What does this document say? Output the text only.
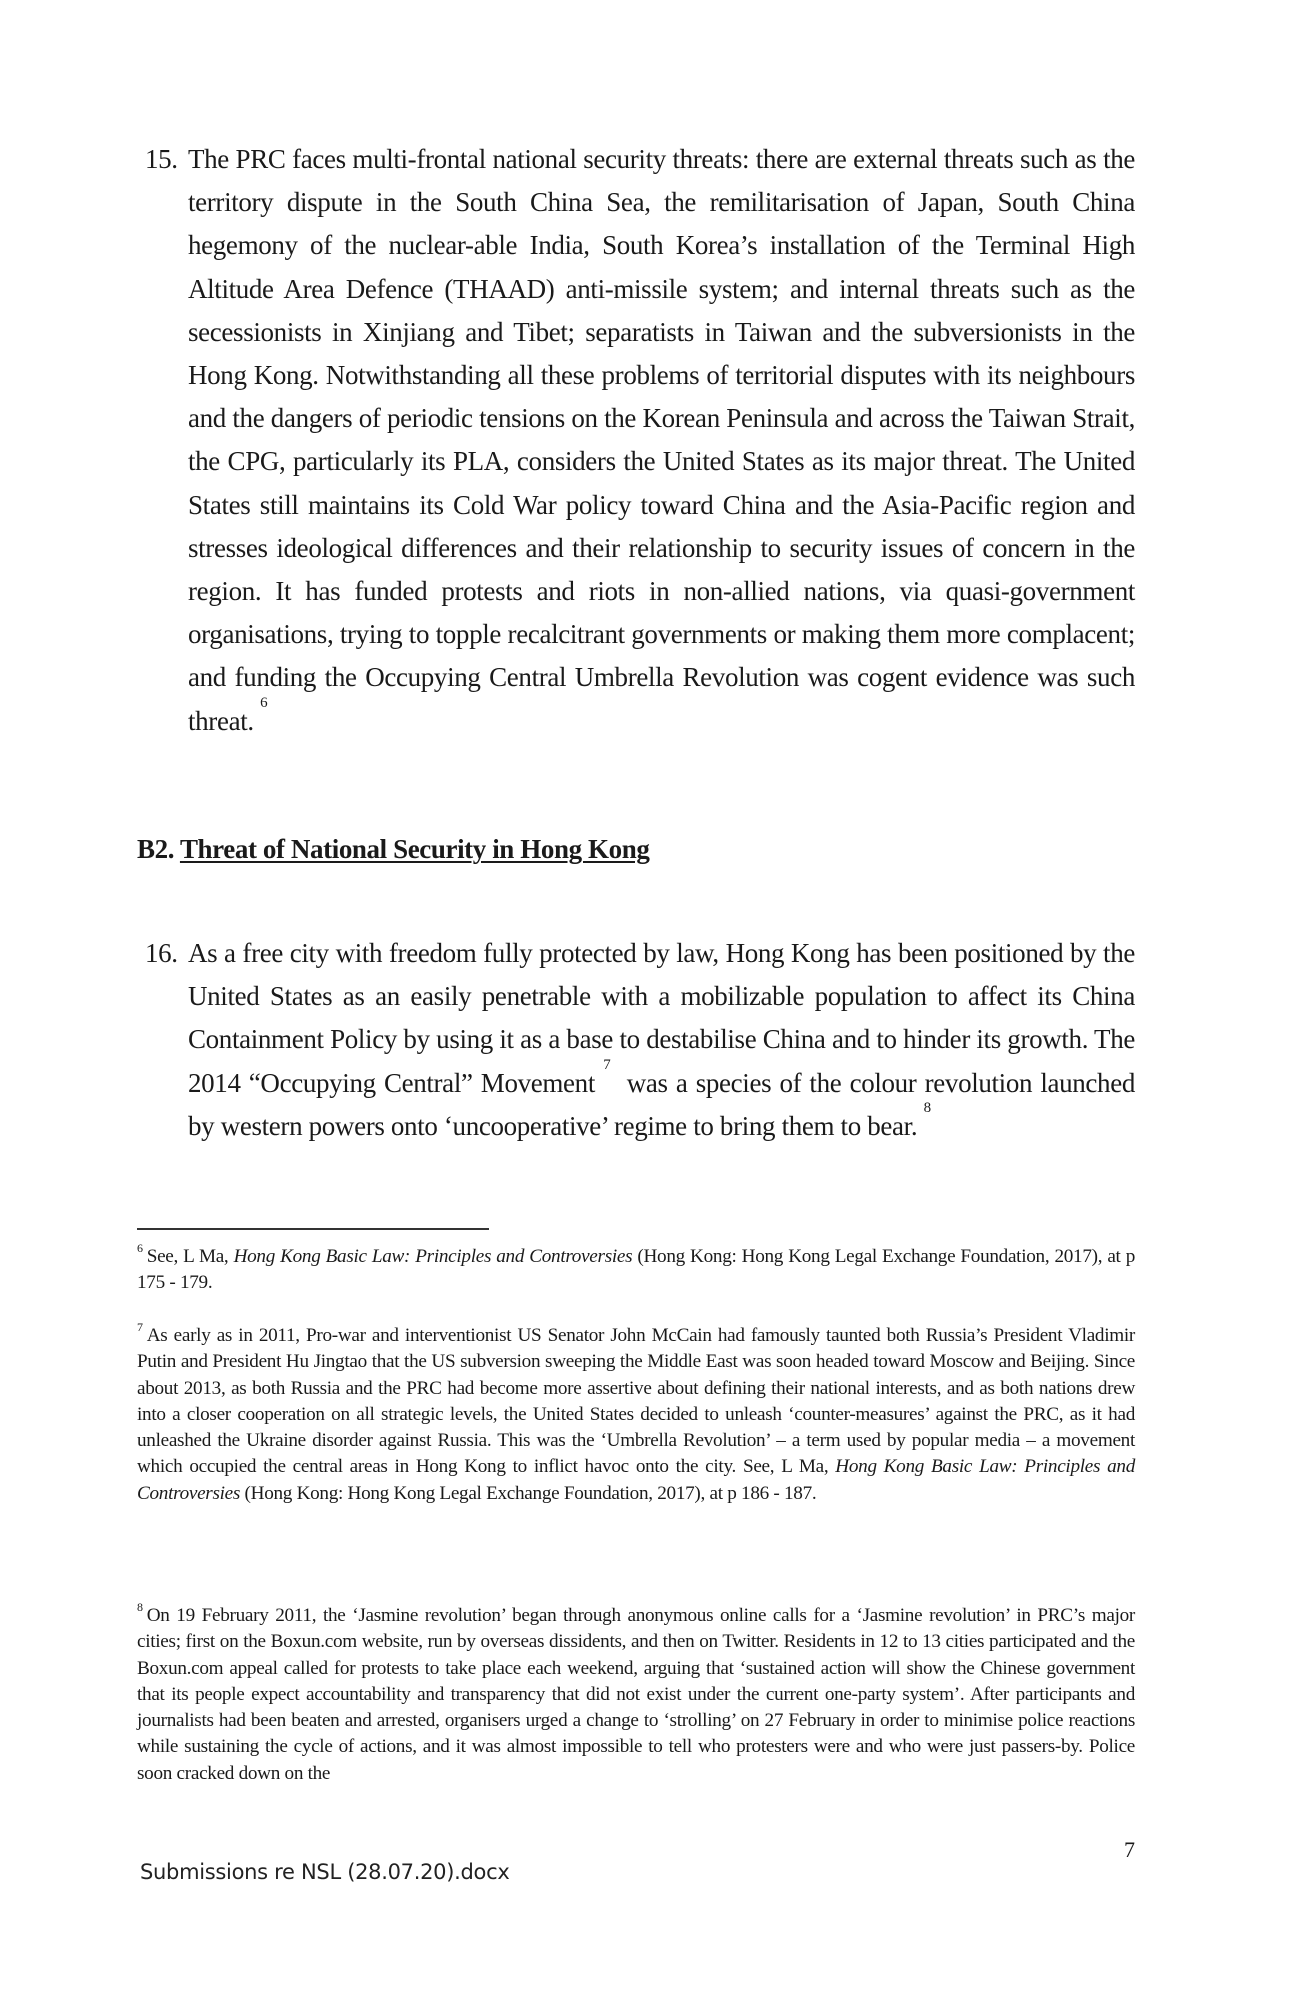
15. The PRC faces multi-frontal national security threats: there are external threats such as the territory dispute in the South China Sea, the remilitarisation of Japan, South China hegemony of the nuclear-able India, South Korea’s installation of the Terminal High Altitude Area Defence (THAAD) anti-missile system; and internal threats such as the secessionists in Xinjiang and Tibet; separatists in Taiwan and the subversionists in the Hong Kong. Notwithstanding all these problems of territorial disputes with its neighbours and the dangers of periodic tensions on the Korean Peninsula and across the Taiwan Strait, the CPG, particularly its PLA, considers the United States as its major threat. The United States still maintains its Cold War policy toward China and the Asia-Pacific region and stresses ideological differences and their relationship to security issues of concern in the region. It has funded protests and riots in non-allied nations, via quasi-government organisations, trying to topple recalcitrant governments or making them more complacent; and funding the Occupying Central Umbrella Revolution was cogent evidence was such threat. $^6$
B2. Threat of National Security in Hong Kong
16. As a free city with freedom fully protected by law, Hong Kong has been positioned by the United States as an easily penetrable with a mobilizable population to affect its China Containment Policy by using it as a base to destabilise China and to hinder its growth. The 2014 “Occupying Central” Movement $^7$  was a species of the colour revolution launched by western powers onto ‘uncooperative’ regime to bring them to bear. $^8$
$^6$ See, L Ma, Hong Kong Basic Law: Principles and Controversies (Hong Kong: Hong Kong Legal Exchange Foundation, 2017), at p 175 - 179.
$^7$ As early as in 2011, Pro-war and interventionist US Senator John McCain had famously taunted both Russia’s President Vladimir Putin and President Hu Jingtao that the US subversion sweeping the Middle East was soon headed toward Moscow and Beijing. Since about 2013, as both Russia and the PRC had become more assertive about defining their national interests, and as both nations drew into a closer cooperation on all strategic levels, the United States decided to unleash ‘counter-measures’ against the PRC, as it had unleashed the Ukraine disorder against Russia. This was the ‘Umbrella Revolution’ – a term used by popular media – a movement which occupied the central areas in Hong Kong to inflict havoc onto the city. See, L Ma, Hong Kong Basic Law: Principles and Controversies (Hong Kong: Hong Kong Legal Exchange Foundation, 2017), at p 186 - 187.
$^8$ On 19 February 2011, the ‘Jasmine revolution’ began through anonymous online calls for a ‘Jasmine revolution’ in PRC’s major cities; first on the Boxun.com website, run by overseas dissidents, and then on Twitter. Residents in 12 to 13 cities participated and the Boxun.com appeal called for protests to take place each weekend, arguing that ‘sustained action will show the Chinese government that its people expect accountability and transparency that did not exist under the current one-party system’. After participants and journalists had been beaten and arrested, organisers urged a change to ‘strolling’ on 27 February in order to minimise police reactions while sustaining the cycle of actions, and it was almost impossible to tell who protesters were and who were just passers-by. Police soon cracked down on the
7
Submissions re NSL (28.07.20).docx
